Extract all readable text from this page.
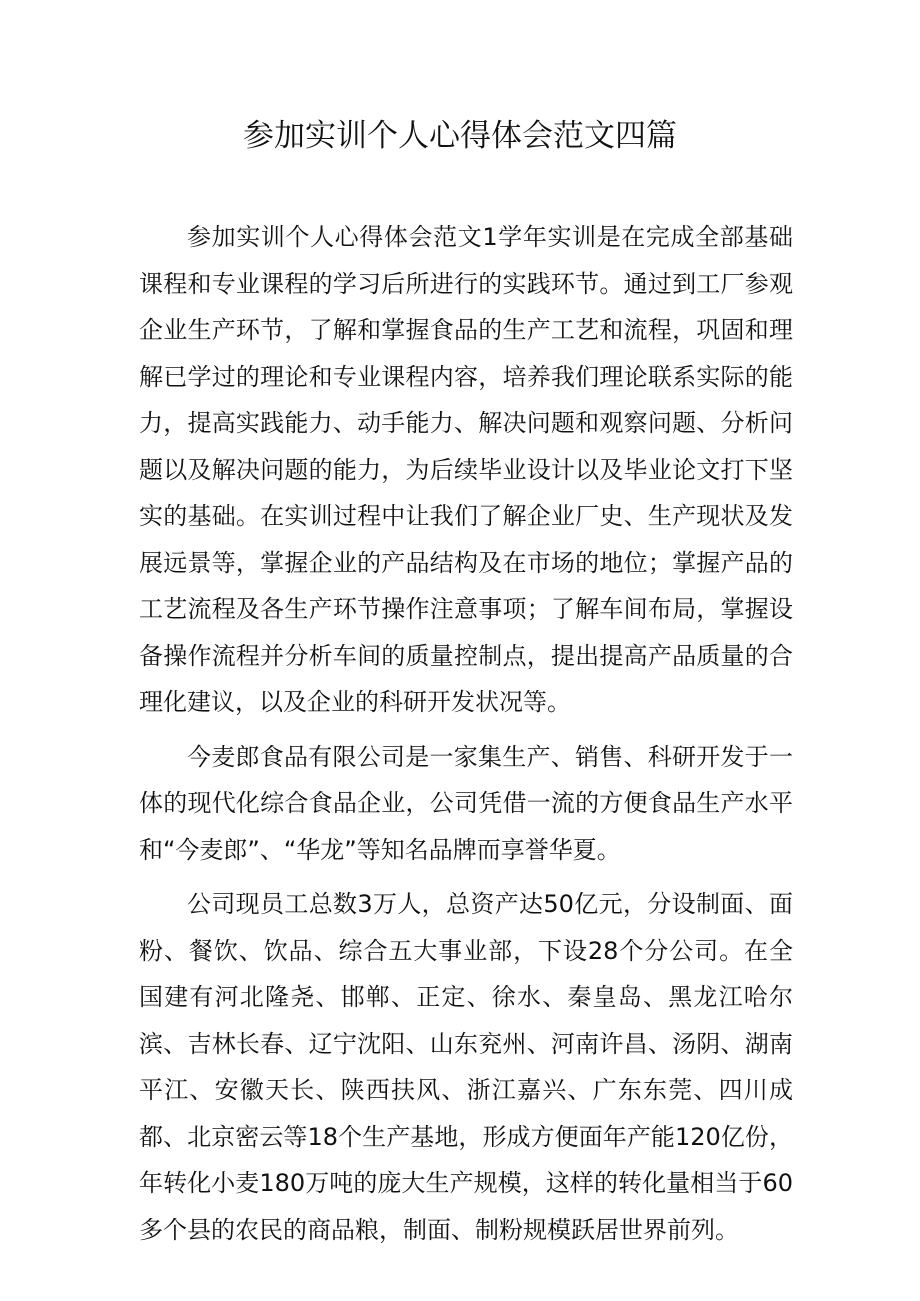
参加实训个人心得体会范文四篇

参加实训个人心得体会范文1学年实训是在完成全部基础课程和专业课程的学习后所进行的实践环节。通过到工厂参观企业生产环节，了解和掌握食品的生产工艺和流程，巩固和理解已学过的理论和专业课程内容，培养我们理论联系实际的能力，提高实践能力、动手能力、解决问题和观察问题、分析问题以及解决问题的能力，为后续毕业设计以及毕业论文打下坚实的基础。在实训过程中让我们了解企业厂史、生产现状及发展远景等，掌握企业的产品结构及在市场的地位；掌握产品的工艺流程及各生产环节操作注意事项；了解车间布局，掌握设备操作流程并分析车间的质量控制点，提出提高产品质量的合理化建议，以及企业的科研开发状况等。

今麦郎食品有限公司是一家集生产、销售、科研开发于一体的现代化综合食品企业，公司凭借一流的方便食品生产水平和“今麦郎”、“华龙”等知名品牌而享誉华夏。

公司现员工总数3万人，总资产达50亿元，分设制面、面粉、餐饮、饮品、综合五大事业部，下设28个分公司。在全国建有河北隆尧、邯郸、正定、徐水、秦皇岛、黑龙江哈尔滨、吉林长春、辽宁沈阳、山东兖州、河南许昌、汤阴、湖南平江、安徽天长、陕西扶风、浙江嘉兴、广东东莞、四川成都、北京密云等18个生产基地，形成方便面年产能120亿份，年转化小麦180万吨的庞大生产规模，这样的转化量相当于60多个县的农民的商品粮，制面、制粉规模跃居世界前列。
